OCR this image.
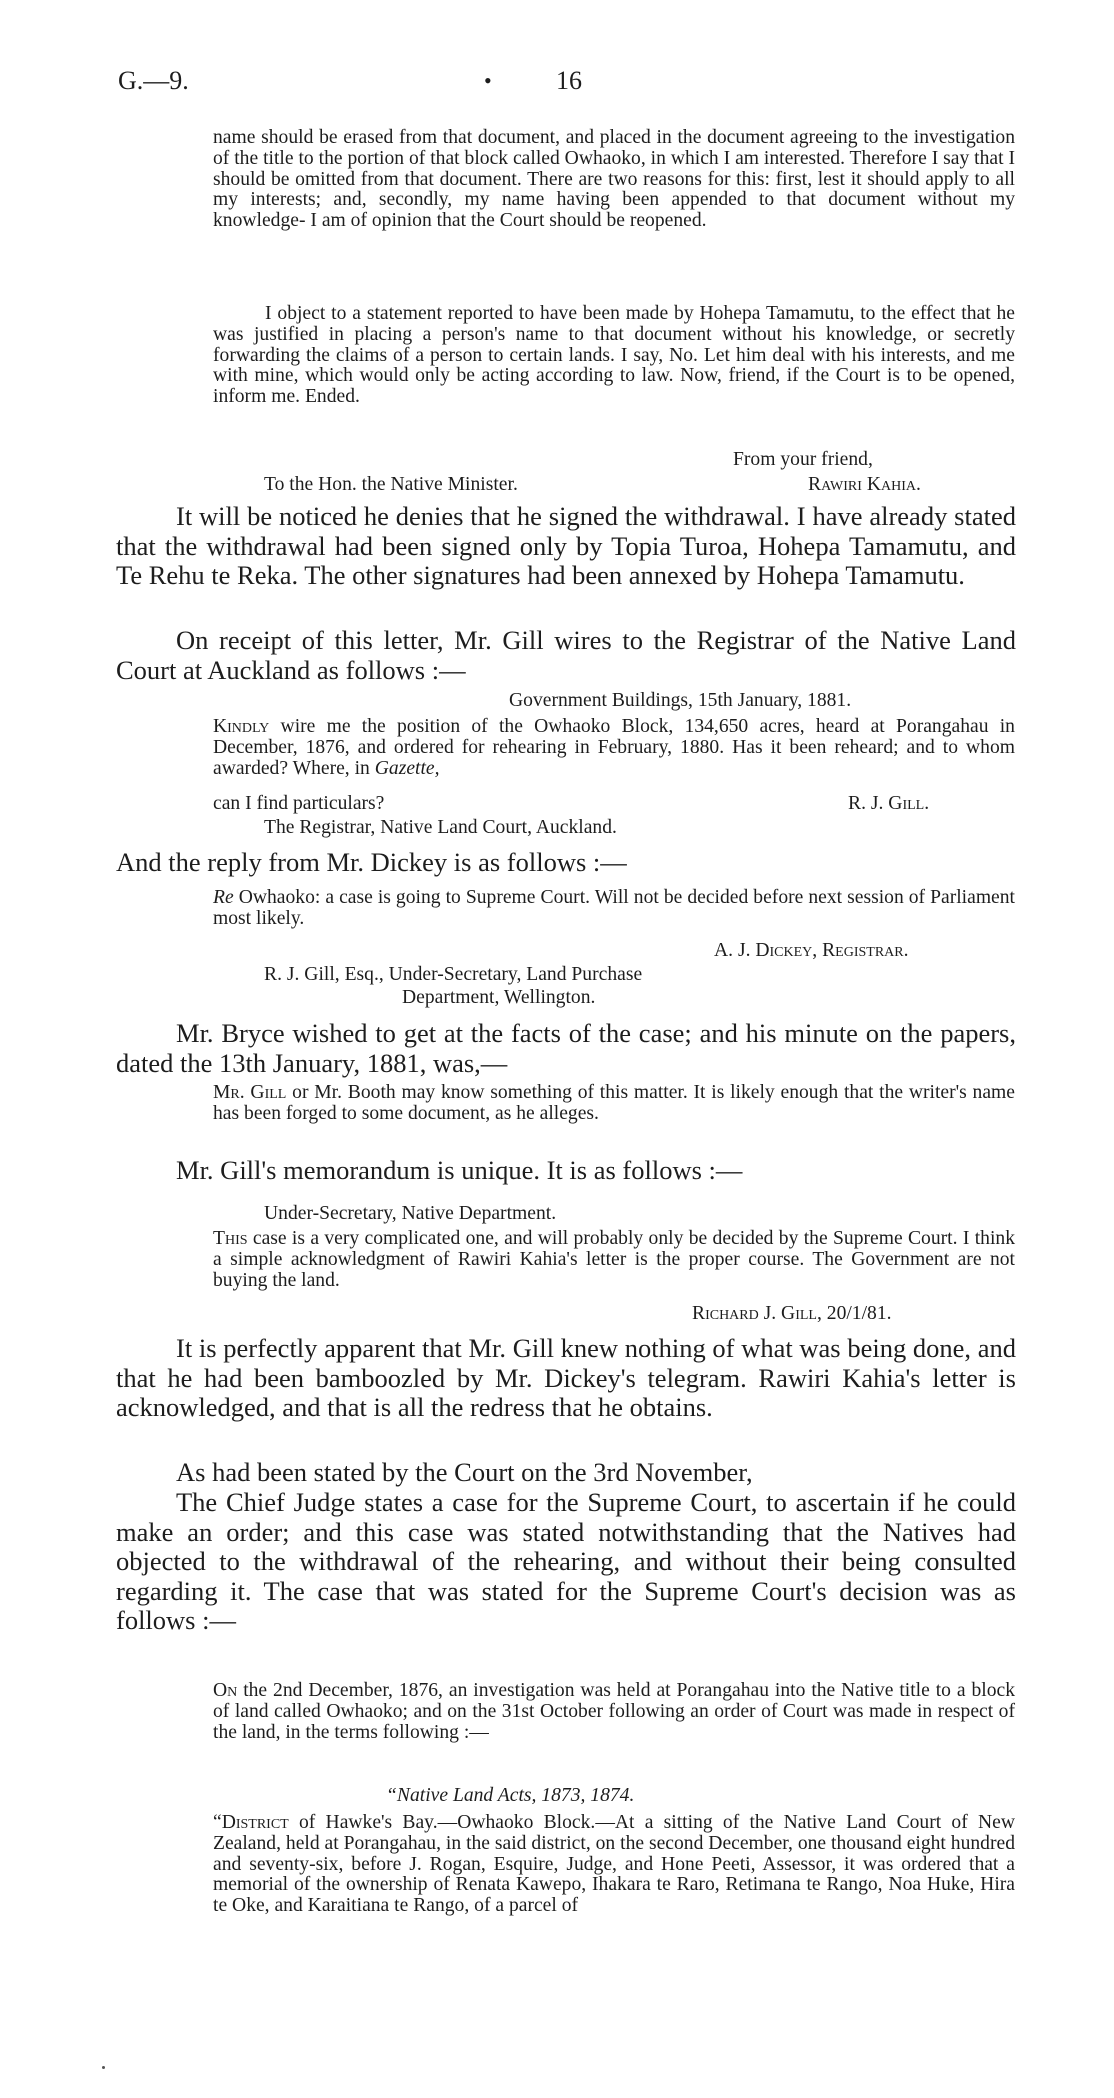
G.—9.	• 16

name should be erased from that document, and placed in the document agreeing to the investigation of the title to the portion of that block called Owhaoko, in which I am interested. Therefore I say that I should be omitted from that document. There are two reasons for this: first, lest it should apply to all my interests; and, secondly, my name having been appended to that document without my knowledge- I am of opinion that the Court should be reopened.

I object to a statement reported to have been made by Hohepa Tamamutu, to the effect that he was justified in placing a person's name to that document without his knowledge, or secretly forwarding the claims of a person to certain lands. I say, No. Let him deal with his interests, and me with mine, which would only be acting according to law. Now, friend, if the Court is to be opened, inform me. Ended.

From your friend,
To the Hon. the Native Minister.	Rawiri Kahia.

It will be noticed he denies that he signed the withdrawal. I have already stated that the withdrawal had been signed only by Topia Turoa, Hohepa Tamamutu, and Te Rehu te Reka. The other signatures had been annexed by Hohepa Tamamutu.

On receipt of this letter, Mr. Gill wires to the Registrar of the Native Land Court at Auckland as follows :—

Government Buildings, 15th January, 1881.

Kindly wire me the position of the Owhaoko Block, 134,650 acres, heard at Porangahau in December, 1876, and ordered for rehearing in February, 1880. Has it been reheard; and to whom awarded? Where, in Gazette,

can I find particulars?	R. J. Gill.
The Registrar, Native Land Court, Auckland.

And the reply from Mr. Dickey is as follows :—

Re Owhaoko: a case is going to Supreme Court. Will not be decided before next session of Parliament most likely.

A. J. Dickey, Registrar.
R. J. Gill, Esq., Under-Secretary, Land Purchase
Department, Wellington.

Mr. Bryce wished to get at the facts of the case; and his minute on the papers, dated the 13th January, 1881, was,—

Mr. Gill or Mr. Booth may know something of this matter. It is likely enough that the writer's name has been forged to some document, as he alleges.

Mr. Gill's memorandum is unique. It is as follows :—

Under-Secretary, Native Department.

This case is a very complicated one, and will probably only be decided by the Supreme Court. I think a simple acknowledgment of Rawiri Kahia's letter is the proper course. The Government are not buying the land.

Richard J. Gill, 20/1/81.

It is perfectly apparent that Mr. Gill knew nothing of what was being done, and that he had been bamboozled by Mr. Dickey's telegram. Rawiri Kahia's letter is acknowledged, and that is all the redress that he obtains.

As had been stated by the Court on the 3rd November,

The Chief Judge states a case for the Supreme Court, to ascertain if he could make an order; and this case was stated notwithstanding that the Natives had objected to the withdrawal of the rehearing, and without their being consulted regarding it. The case that was stated for the Supreme Court's decision was as follows :—

On the 2nd December, 1876, an investigation was held at Porangahau into the Native title to a block of land called Owhaoko; and on the 31st October following an order of Court was made in respect of the land, in the terms following :—

“Native Land Acts, 1873, 1874.

“District of Hawke's Bay.—Owhaoko Block.—At a sitting of the Native Land Court of New Zealand, held at Porangahau, in the said district, on the second December, one thousand eight hundred and seventy-six, before J. Rogan, Esquire, Judge, and Hone Peeti, Assessor, it was ordered that a memorial of the ownership of Renata Kawepo, Ihakara te Raro, Retimana te Rango, Noa Huke, Hira te Oke, and Karaitiana te Rango, of a parcel of
